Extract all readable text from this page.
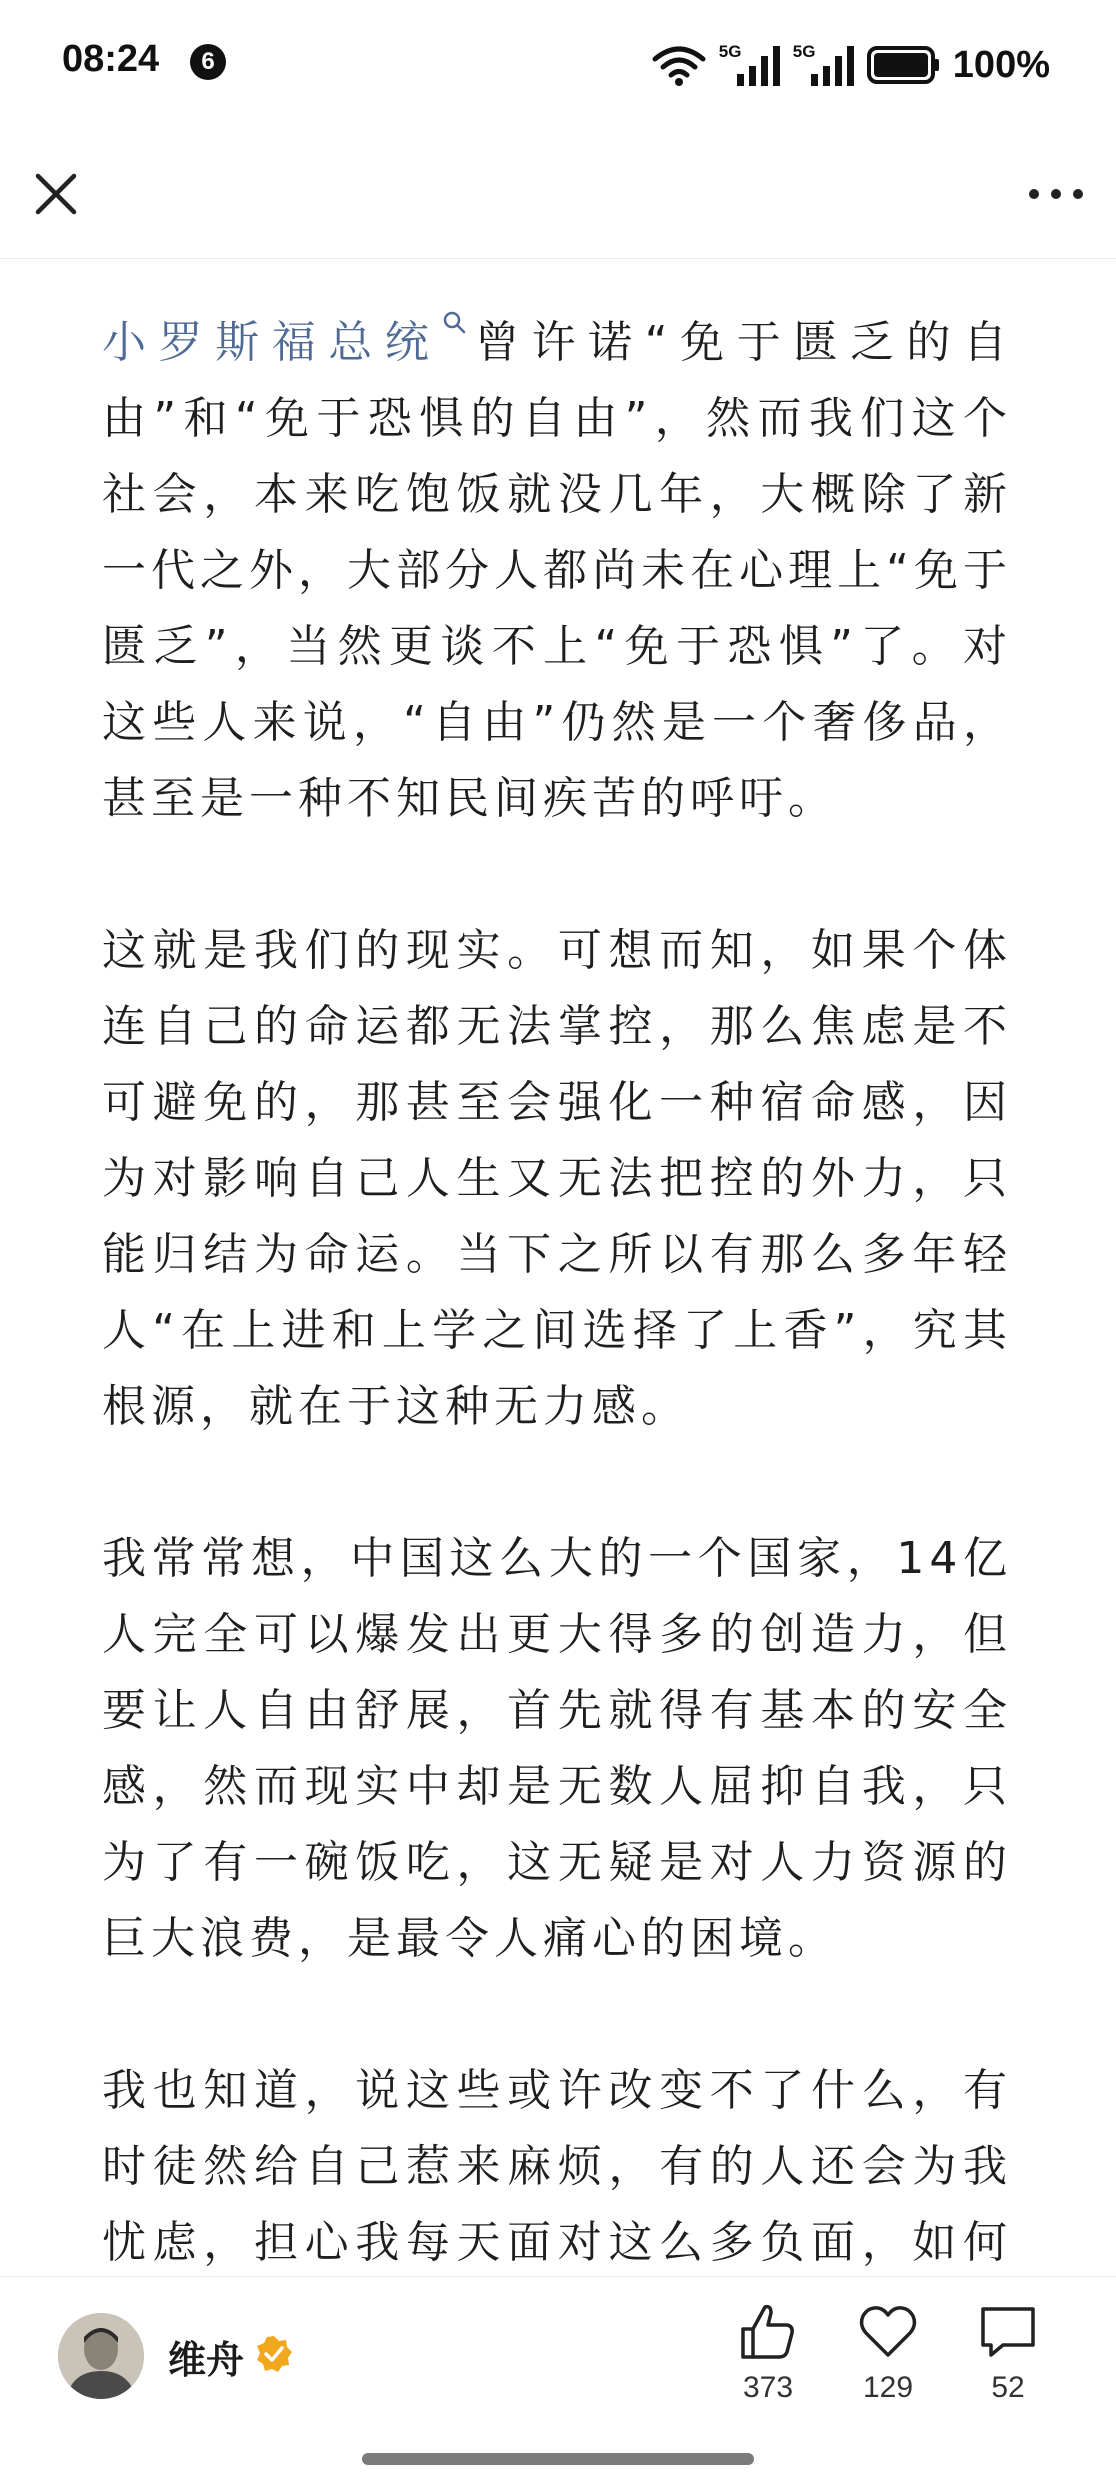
08:24	6	5G	5G	100%

小罗斯福总统 曾许诺“免于匮乏的自由”和“免于恐惧的自由”，然而我们这个社会，本来吃饱饭就没几年，大概除了新一代之外，大部分人都尚未在心理上“免于匮乏”，当然更谈不上“免于恐惧”了。对这些人来说，“自由”仍然是一个奢侈品，甚至是一种不知民间疾苦的呼吁。

这就是我们的现实。可想而知，如果个体连自己的命运都无法掌控，那么焦虑是不可避免的，那甚至会强化一种宿命感，因为对影响自己人生又无法把控的外力，只能归结为命运。当下之所以有那么多年轻人“在上进和上学之间选择了上香”，究其根源，就在于这种无力感。

我常常想，中国这么大的一个国家，14亿人完全可以爆发出更大得多的创造力，但要让人自由舒展，首先就得有基本的安全感，然而现实中却是无数人屈抑自我，只为了有一碗饭吃，这无疑是对人力资源的巨大浪费，是最令人痛心的困境。

我也知道，说这些或许改变不了什么，有时徒然给自己惹来麻烦，有的人还会为我忧虑，担心我每天面对这么多负面，如何

维舟
373	129	52
